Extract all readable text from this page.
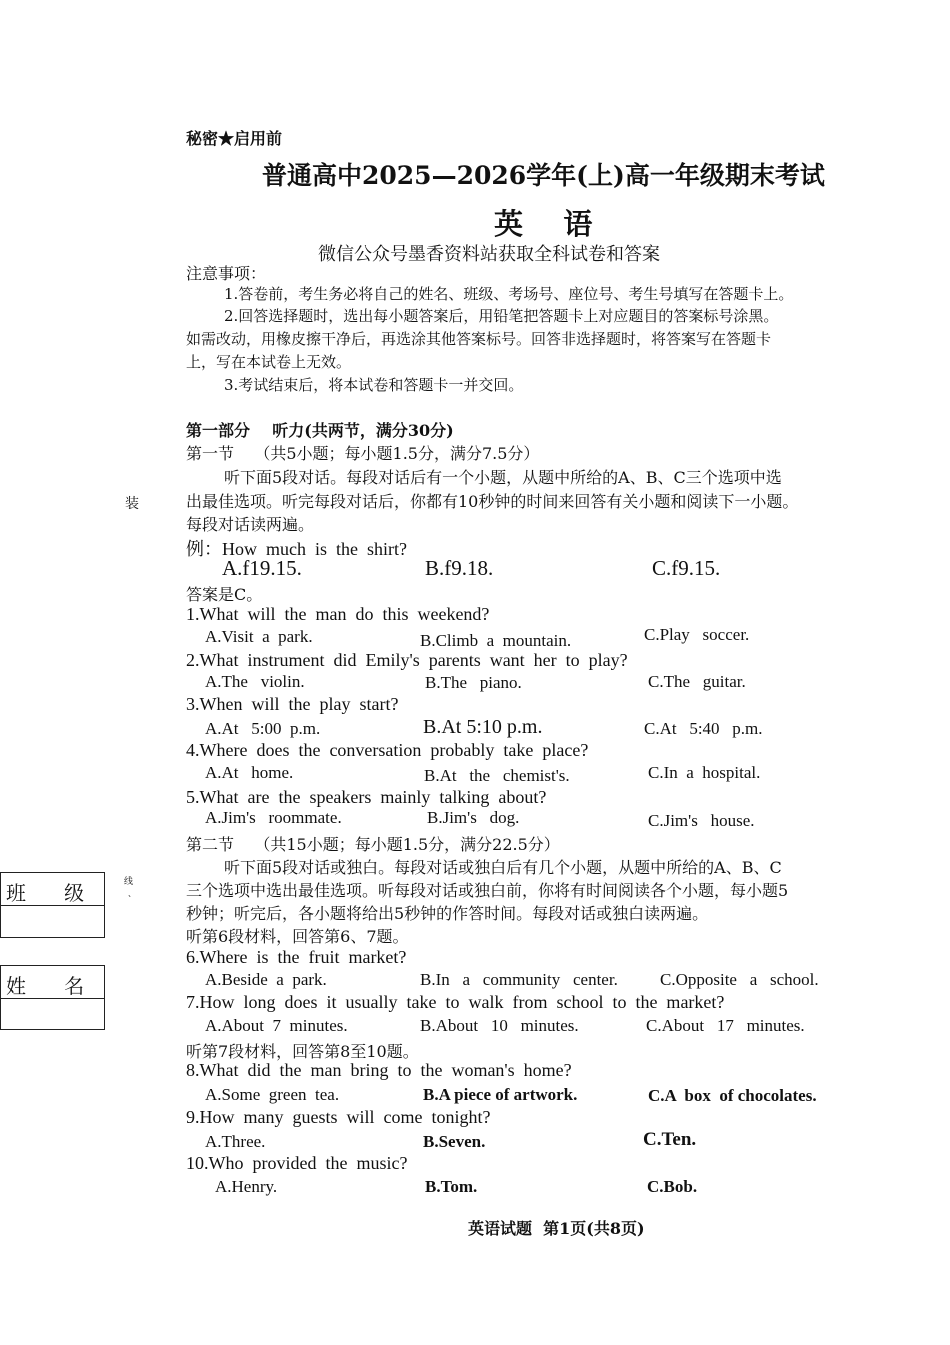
秘密★启用前
普通高中2025—2026学年(上)高一年级期末考试
英    语
微信公众号墨香资料站获取全科试卷和答案
注意事项：
1.答卷前，考生务必将自己的姓名、班级、考场号、座位号、考生号填写在答题卡上。
2.回答选择题时，选出每小题答案后，用铅笔把答题卡上对应题目的答案标号涂黑。
如需改动，用橡皮擦干净后，再选涂其他答案标号。回答非选择题时，将答案写在答题卡
上，写在本试卷上无效。
3.考试结束后，将本试卷和答题卡一并交回。
第一部分    听力(共两节，满分30分)
第一节    （共5小题；每小题1.5分，满分7.5分）
听下面5段对话。每段对话后有一个小题，从题中所给的A、B、C三个选项中选
出最佳选项。听完每段对话后，你都有10秒钟的时间来回答有关小题和阅读下一小题。
每段对话读两遍。
例：How  much  is  the  shirt?
A.f19.15.	B.f9.18.	C.f9.15.
答案是C。
1.What  will  the  man  do  this  weekend?
A.Visit  a  park.	B.Climb  a  mountain.	C.Play   soccer.
2.What  instrument  did  Emily's  parents  want  her  to  play?
A.The   violin.	B.The   piano.	C.The   guitar.
3.When  will  the  play  start?
A.At   5:00  p.m.	B.At 5:10 p.m.	C.At   5:40   p.m.
4.Where  does  the  conversation  probably  take  place?
A.At   home.	B.At   the   chemist's.	C.In  a  hospital.
5.What  are  the  speakers  mainly  talking  about?
A.Jim's   roommate.	B.Jim's   dog.	C.Jim's   house.
第二节    （共15小题；每小题1.5分，满分22.5分）
听下面5段对话或独白。每段对话或独白后有几个小题，从题中所给的A、B、C
三个选项中选出最佳选项。听每段对话或独白前，你将有时间阅读各个小题，每小题5
秒钟；听完后，各小题将给出5秒钟的作答时间。每段对话或独白读两遍。
听第6段材料，回答第6、7题。
6.Where  is  the  fruit  market?
A.Beside  a  park.	B.In   a   community   center. C.Opposite   a   school.
7.How  long  does  it  usually  take  to  walk  from  school  to  the  market?
A.About  7  minutes.	B.About   10   minutes.	C.About   17   minutes.
听第7段材料，回答第8至10题。
8.What  did  the  man  bring  to  the  woman's  home?
A.Some  green  tea.	B.A piece of artwork.	C.A  box  of chocolates.
9.How  many  guests  will  come  tonight?
A.Three.	B.Seven.	C.Ten.
10.Who  provided  the  music?
A.Henry.	B.Tom.	C.Bob.
英语试题  第1页(共8页)
装
线
、
班      级
姓      名
